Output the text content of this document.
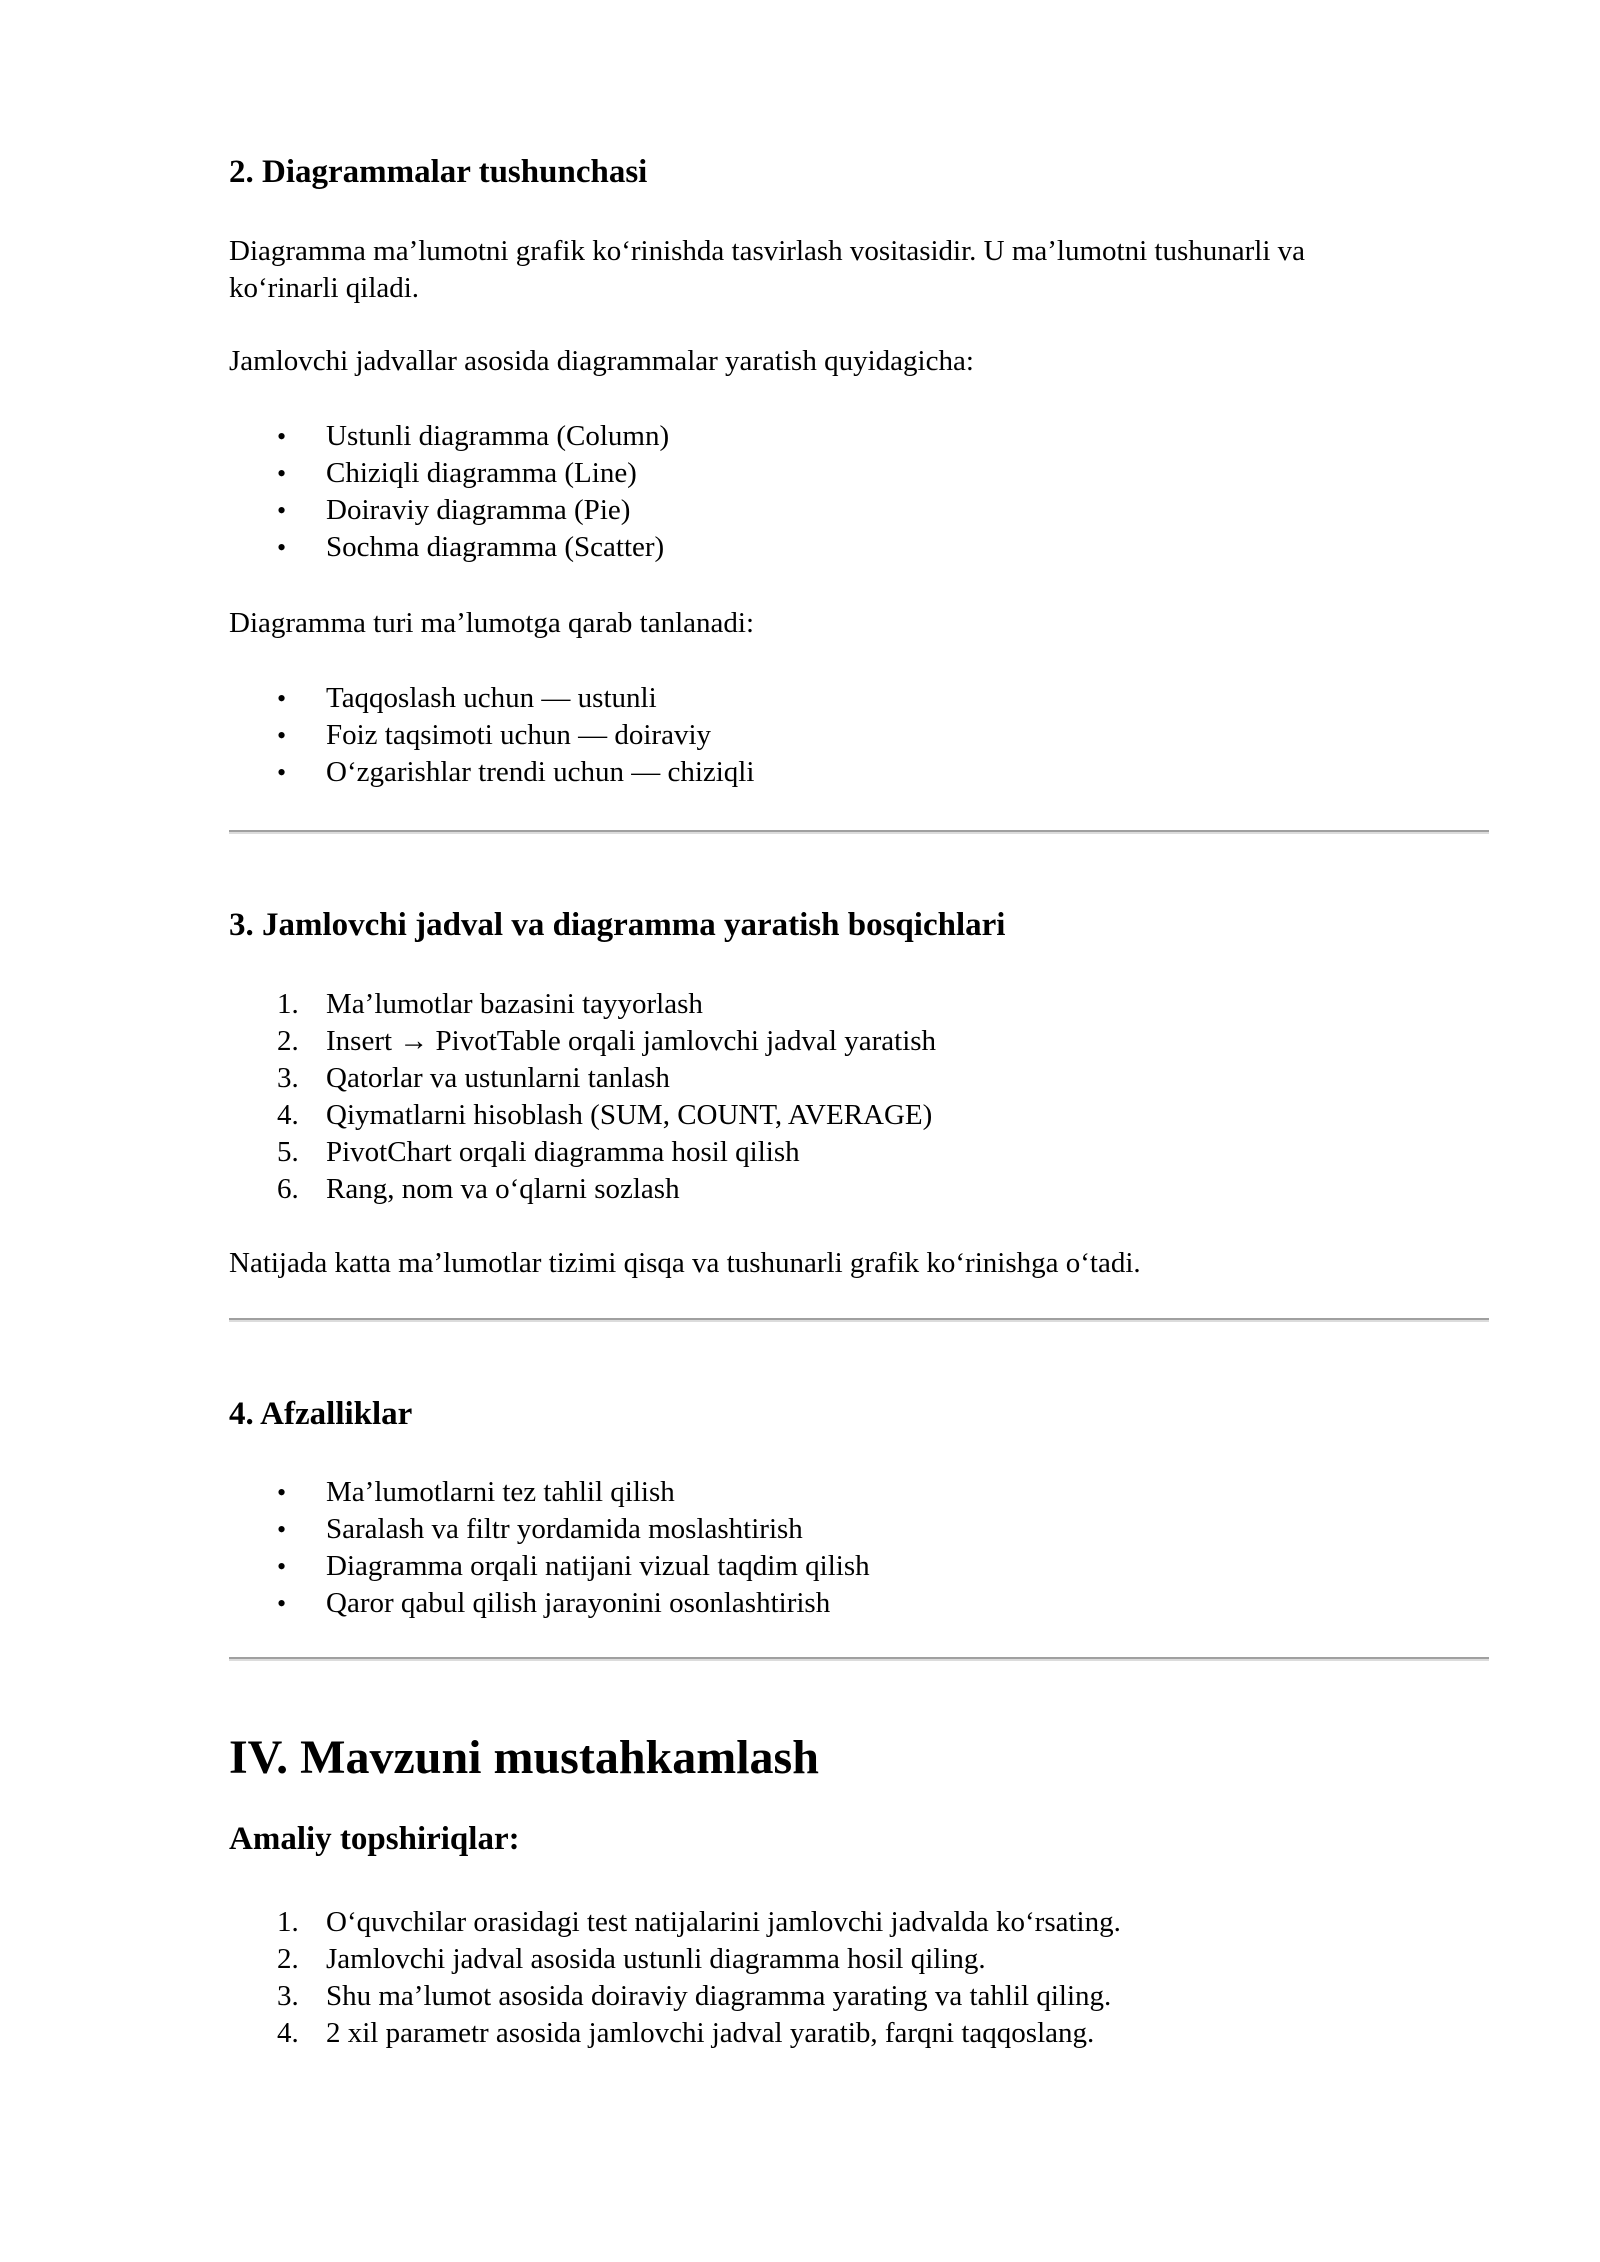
2. Diagrammalar tushunchasi

Diagramma ma’lumotni grafik ko‘rinishda tasvirlash vositasidir. U ma’lumotni tushunarli va
ko‘rinarli qiladi.

Jamlovchi jadvallar asosida diagrammalar yaratish quyidagicha:

• Ustunli diagramma (Column)
• Chiziqli diagramma (Line)
• Doiraviy diagramma (Pie)
• Sochma diagramma (Scatter)

Diagramma turi ma’lumotga qarab tanlanadi:

• Taqqoslash uchun — ustunli
• Foiz taqsimoti uchun — doiraviy
• O‘zgarishlar trendi uchun — chiziqli
3. Jamlovchi jadval va diagramma yaratish bosqichlari
1. Ma’lumotlar bazasini tayyorlash
2. Insert → PivotTable orqali jamlovchi jadval yaratish
3. Qatorlar va ustunlarni tanlash
4. Qiymatlarni hisoblash (SUM, COUNT, AVERAGE)
5. PivotChart orqali diagramma hosil qilish
6. Rang, nom va o‘qlarni sozlash

Natijada katta ma’lumotlar tizimi qisqa va tushunarli grafik ko‘rinishga o‘tadi.

4. Afzalliklar
• Ma’lumotlarni tez tahlil qilish
• Saralash va filtr yordamida moslashtirish
• Diagramma orqali natijani vizual taqdim qilish
• Qaror qabul qilish jarayonini osonlashtirish
IV. Mavzuni mustahkamlash
Amaliy topshiriqlar:
1. O‘quvchilar orasidagi test natijalarini jamlovchi jadvalda ko‘rsating.
2. Jamlovchi jadval asosida ustunli diagramma hosil qiling.
3. Shu ma’lumot asosida doiraviy diagramma yarating va tahlil qiling.
4. 2 xil parametr asosida jamlovchi jadval yaratib, farqni taqqoslang.
